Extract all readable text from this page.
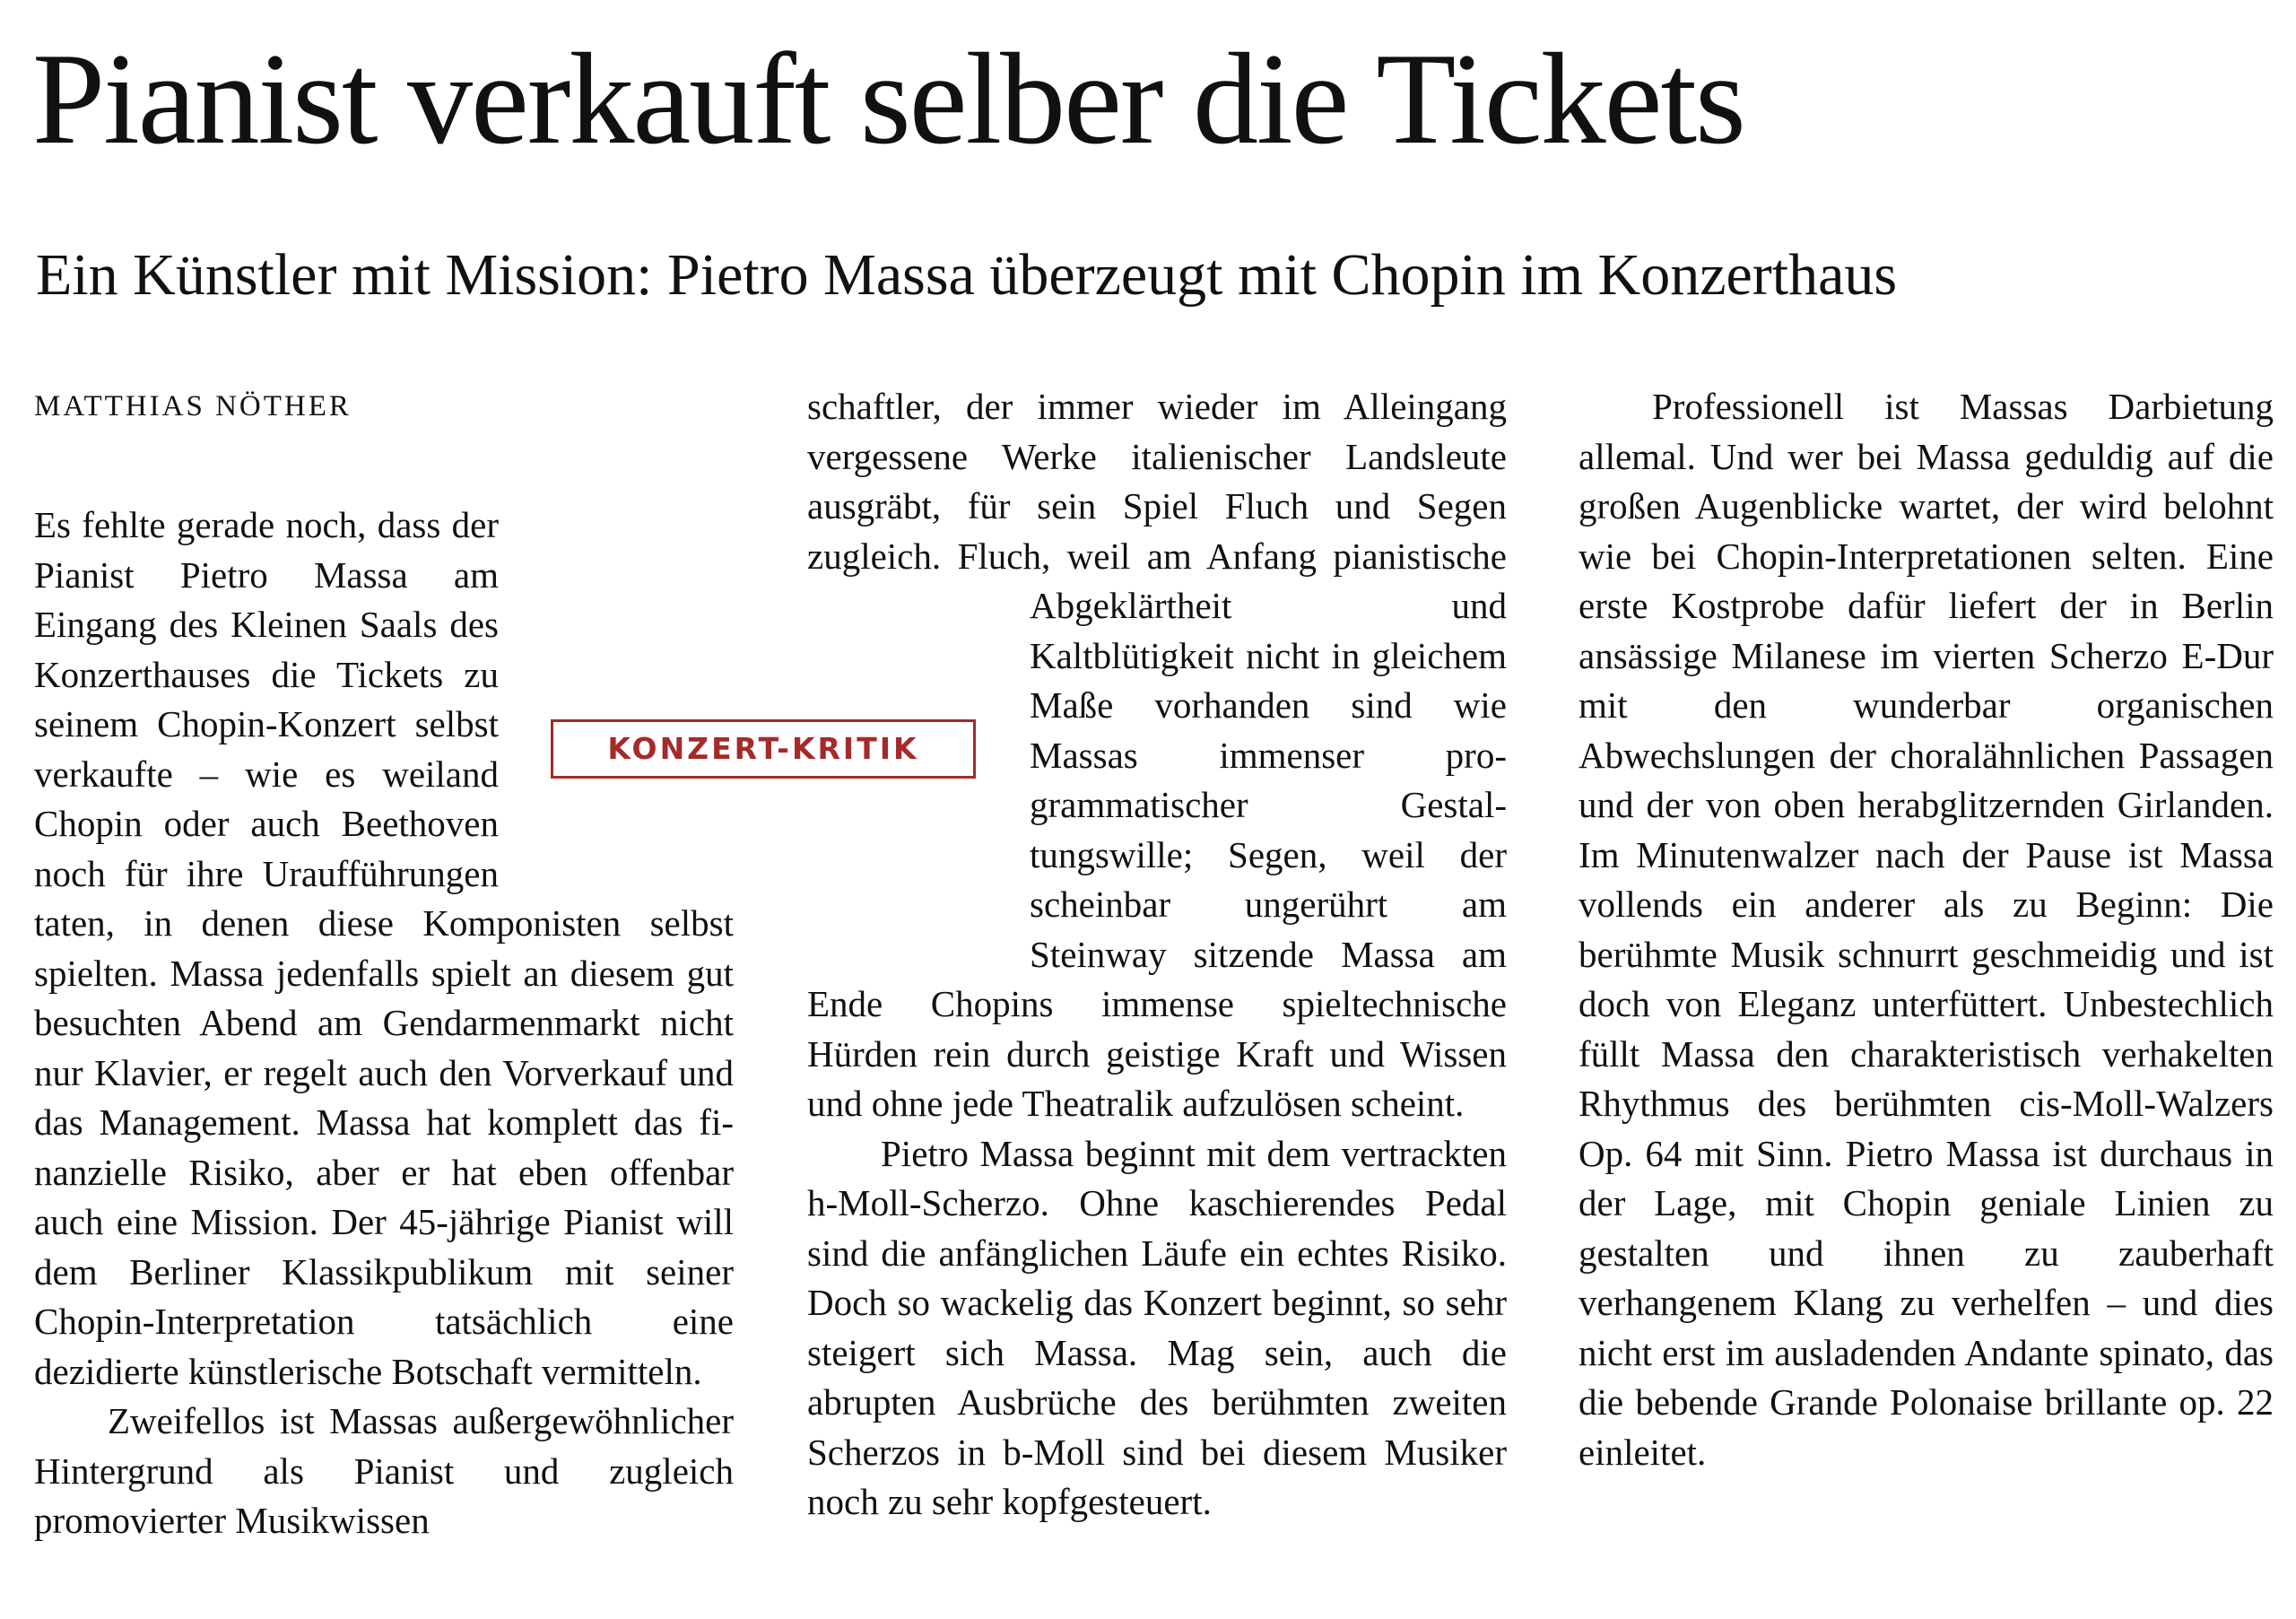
Pianist verkauft selber die Tickets
Ein Künstler mit Mission: Pietro Massa überzeugt mit Chopin im Konzerthaus

MATTHIAS NÖTHER

Es fehlte gerade noch, dass der Pianist Pietro Massa am Eingang des Kleinen Saals des Konzerthauses die Tickets zu seinem Chopin-Konzert selbst verkaufte – wie es weiland Chopin oder auch Beethoven noch für ihre Uraufführungen taten, in denen diese Komponisten selbst spielten. Massa jedenfalls spielt an diesem gut besuchten Abend am Gendarmenmarkt nicht nur Klavier, er regelt auch den Vorverkauf und das Management. Massa hat komplett das finanzielle Risiko, aber er hat eben offenbar auch eine Mission. Der 45-jährige Pianist will dem Berliner Klassikpublikum mit seiner Chopin-Interpretation tatsächlich eine dezidierte künstlerische Botschaft vermitteln.

Zweifellos ist Massas außergewöhnlicher Hintergrund als Pianist und zugleich promovierter Musikwissen

schaftler, der immer wieder im Alleingang vergessene Werke italienischer Landsleute ausgräbt, für sein Spiel Fluch und Segen zugleich. Fluch, weil am Anfang pianistische Abgeklärtheit und Kaltblütigkeit nicht in gleichem Maße vorhanden sind wie Massas immenser programmatischer Gestaltungswille; Segen, weil der scheinbar ungerührt am Steinway sitzende Massa am Ende Chopins immense spieltechnische Hürden rein durch geistige Kraft und Wissen und ohne jede Theatralik aufzulösen scheint.

Pietro Massa beginnt mit dem vertrackten h-Moll-Scherzo. Ohne kaschierendes Pedal sind die anfänglichen Läufe ein echtes Risiko. Doch so wackelig das Konzert beginnt, so sehr steigert sich Massa. Mag sein, auch die abrupten Ausbrüche des berühmten zweiten Scherzos in b-Moll sind bei diesem Musiker noch zu sehr kopfgesteuert.

Professionell ist Massas Darbietung allemal. Und wer bei Massa geduldig auf die großen Augenblicke wartet, der wird belohnt wie bei Chopin-Interpretationen selten. Eine erste Kostprobe dafür liefert der in Berlin ansässige Milanese im vierten Scherzo E-Dur mit den wunderbar organischen Abwechslungen der choralähnlichen Passagen und der von oben herabglitzernden Girlanden. Im Minutenwalzer nach der Pause ist Massa vollends ein anderer als zu Beginn: Die berühmte Musik schnurrt geschmeidig und ist doch von Eleganz unterfüttert. Unbestechlich füllt Massa den charakteristisch verhakelten Rhythmus des berühmten cis-Moll-Walzers Op. 64 mit Sinn. Pietro Massa ist durchaus in der Lage, mit Chopin geniale Linien zu gestalten und ihnen zu zauberhaft verhangenem Klang zu verhelfen – und dies nicht erst im ausladenden Andante spinato, das die bebende Grande Polonaise brillante op. 22 einleitet.

KONZERT-KRITIK
